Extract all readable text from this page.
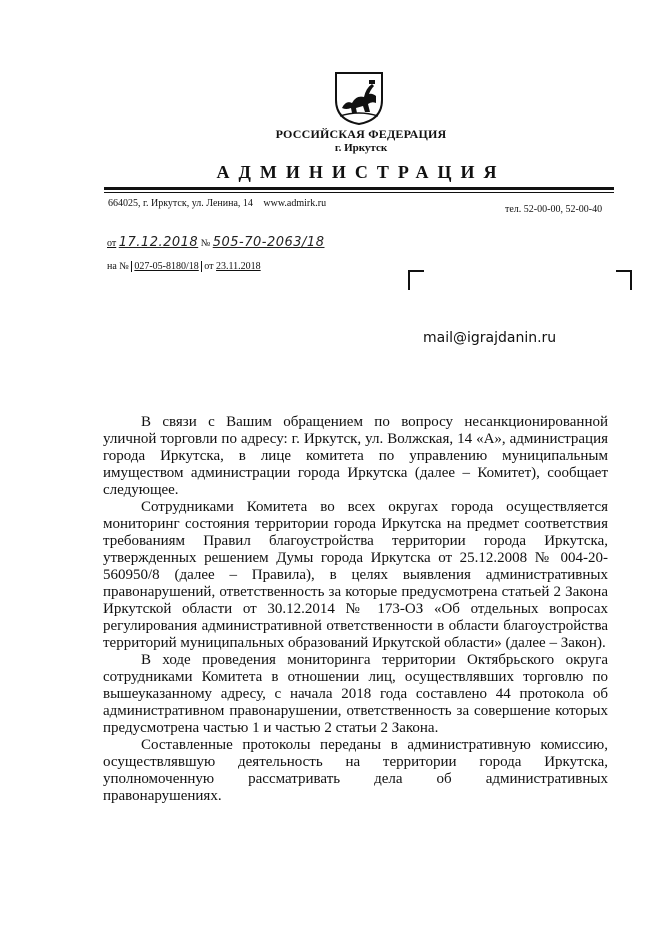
РОССИЙСКАЯ ФЕДЕРАЦИЯ
г. Иркутск
АДМИНИСТРАЦИЯ
664025, г. Иркутск, ул. Ленина, 14 www.admirk.ru
тел. 52-00-00, 52-00-40
от 17.12.2018 № 505-70-2063/18
на № 027-05-8180/18 от 23.11.2018
mail@igrajdanin.ru

В связи с Вашим обращением по вопросу несанкционированной уличной торговли по адресу: г. Иркутск, ул. Волжская, 14 «А», администрация города Иркутска, в лице комитета по управлению муниципальным имуществом администрации города Иркутска (далее – Комитет), сообщает следующее.

Сотрудниками Комитета во всех округах города осуществляется мониторинг состояния территории города Иркутска на предмет соответствия требованиям Правил благоустройства территории города Иркутска, утвержденных решением Думы города Иркутска от 25.12.2008 № 004-20-560950/8 (далее – Правила), в целях выявления административных правонарушений, ответственность за которые предусмотрена статьей 2 Закона Иркутской области от 30.12.2014 № 173-ОЗ «Об отдельных вопросах регулирования административной ответственности в области благоустройства территорий муниципальных образований Иркутской области» (далее – Закон).

В ходе проведения мониторинга территории Октябрьского округа сотрудниками Комитета в отношении лиц, осуществлявших торговлю по вышеуказанному адресу, с начала 2018 года составлено 44 протокола об административном правонарушении, ответственность за совершение которых предусмотрена частью 1 и частью 2 статьи 2 Закона.

Составленные протоколы переданы в административную комиссию, осуществлявшую деятельность на территории города Иркутска, уполномоченную рассматривать дела об административных правонарушениях.
